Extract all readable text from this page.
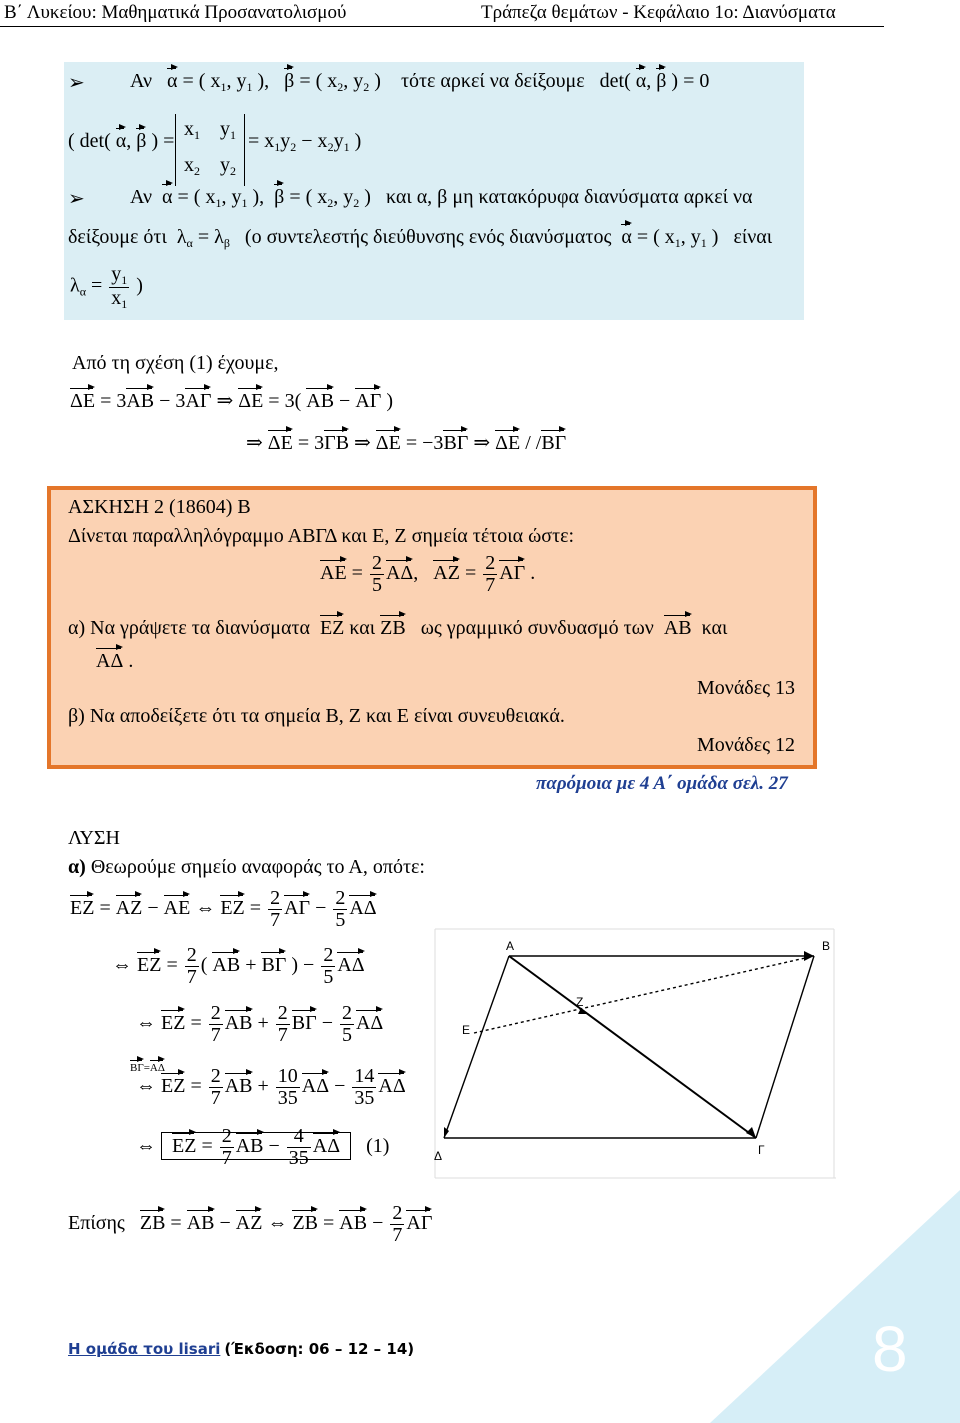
Β΄ Λυκείου: Μαθηματικά Προσανατολισμού	Τράπεζα θεμάτων - Κεφάλαιο 1ο: Διανύσματα
➢ Αν α = ( $x_1$, $y_1$ ),   β = ( $x_2$, $y_2$ )    τότε αρκεί να δείξουμε   det( α, β ) = 0
( det( α, β ) =
$x_1$    $y_1$
$x_2$    $y_2$
= $x_1y_2 - x_2y_1$ )
➢ Αν α = ( $x_1$, $y_1$ ),  β = ( $x_2$, $y_2$ )   και α, β μη κατακόρυφα διανύσματα αρκεί να
δείξουμε ότι  $\lambda_\alpha = \lambda_\beta$ (ο συντελεστής διεύθυνσης ενός διανύσματος α = ( $x_1$, $y_1$ )   είναι
$\lambda_\alpha = \frac{y_1}{x_1}$ )
Από τη σχέση (1) έχουμε,
ΔΕ = 3ΑΒ − 3ΑΓ ⇒ ΔΕ = 3( ΑΒ − ΑΓ )
⇒ ΔΕ = 3ΓΒ ⇒ ΔΕ = −3ΒΓ ⇒ ΔΕ / /ΒΓ
ΑΣΚΗΣΗ 2 (18604) Β
Δίνεται παραλληλόγραμμο ΑΒΓΔ και Ε, Ζ σημεία τέτοια ώστε:
$AE = \frac{2}{5} A\Delta$,   $AZ = \frac{2}{7}$ ΑΓ .
α) Να γράψετε τα διανύσματα ΕΖ και ΖΒ ως γραμμικό συνδυασμό των ΑΒ και
ΑΔ .
Μονάδες 13
β) Να αποδείξετε ότι τα σημεία Β, Ζ και Ε είναι συνευθειακά.
Μονάδες 12
παρόμοια με 4 Α΄ ομάδα σελ. 27
ΛΥΣΗ
α) Θεωρούμε σημείο αναφοράς το Α, οπότε:
ΕΖ = ΑΖ − ΑΕ ⇔ $EZ = \frac{2}{7}$ $A\Gamma - \frac{2}{5}$ ΑΔ
⇔ $EZ = \frac{2}{7}$ ( ΑΒ + ΒΓ ) − $\frac{2}{5}$ ΑΔ
⇔ $EZ = \frac{2}{7}$ $AB + \frac{2}{7}$ $B\Gamma - \frac{2}{5}$ ΑΔ
ΒΓ=ΑΔ
⇔ $EZ = \frac{2}{7}$ $AB + \frac{10}{35}$ $A\Delta - \frac{14}{35}$ ΑΔ
⇔ $EZ = \frac{2}{7}$ $AB - \frac{4}{35}$ ΑΔ (1)
Επίσης ΖΒ = ΑΒ − ΑΖ ⇔ $ZB = AB - \frac{2}{7}$ ΑΓ
A	B
Z
E
Δ	Γ
Η ομάδα του lisari (Έκδοση: 06 – 12 – 14)	8
